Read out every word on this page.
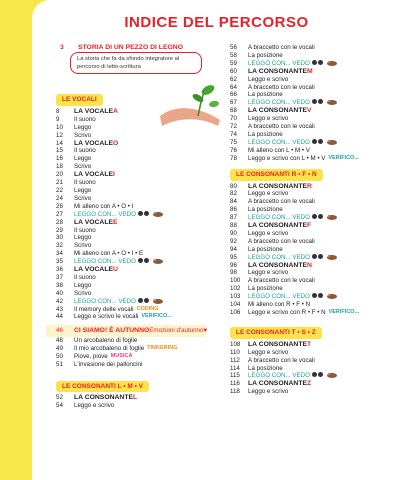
INDICE DEL PERCORSO
3	STORIA DI UN PEZZO DI LEGNO
La storia che fa da sfondo integratore al percorso di letto-scrittura
LE VOCALI
8	LA VOCALE A
9	Il suono
10	Leggo
12	Scrivo
14	LA VOCALE O
15	Il suono
16	Leggo
18	Scrivo
20	LA VOCALE I
21	Il suono
22	Leggo
24	Scrivo
26	Mi alleno con A • O • I
27	LEGGO CON... VEDO
28	LA VOCALE E
29	Il suono
30	Leggo
32	Scrivo
34	Mi alleno con A • O • I • E
35	LEGGO CON... VEDO
36	LA VOCALE U
37	Il suono
38	Leggo
40	Scrivo
42	LEGGO CON... VEDO
43	Il memory delle vocali CODING
44	Leggo e scrivo le vocali VERIFICO...
46	CI SIAMO! È AUTUNNO Emozioni d'autunno ♥
48	Un arcobaleno di foglie
49	Il mio arcobaleno di foglie TINKERING
50	Piove, piove MUSICA
51	L'invasione dei palloncini
LE CONSONANTI L • M • V
52	LA CONSONANTE L
54	Leggo e scrivo
56	A braccetto con le vocali
58	La posizione
59	LEGGO CON... VEDO
60	LA CONSONANTE M
62	Leggo e scrivo
64	A braccetto con le vocali
66	La posizione
67	LEGGO CON... VEDO
68	LA CONSONANTE V
70	Leggo e scrivo
72	A braccetto con le vocali
74	La posizione
75	LEGGO CON... VEDO
76	Mi alleno con L • M • V
78	Leggo e scrivo con L • M • V VERIFICO...
LE CONSONANTI R • F • N
80	LA CONSONANTE R
82	Leggo e scrivo
84	A braccetto con le vocali
86	La posizione
87	LEGGO CON... VEDO
88	LA CONSONANTE F
90	Leggo e scrivo
92	A braccetto con le vocali
94	La posizione
95	LEGGO CON... VEDO
96	LA CONSONANTE N
98	Leggo e scrivo
100	A braccetto con le vocali
102	La posizione
103	LEGGO CON... VEDO
104	Mi alleno con R • F • N
106	Leggo e scrivo con R • F • N VERIFICO...
LE CONSONANTI T • S • Z
108	LA CONSONANTE T
110	Leggo e scrivo
112	A braccetto con le vocali
114	La posizione
115	LEGGO CON... VEDO
116	LA CONSONANTE Z
118	Leggo e scrivo
